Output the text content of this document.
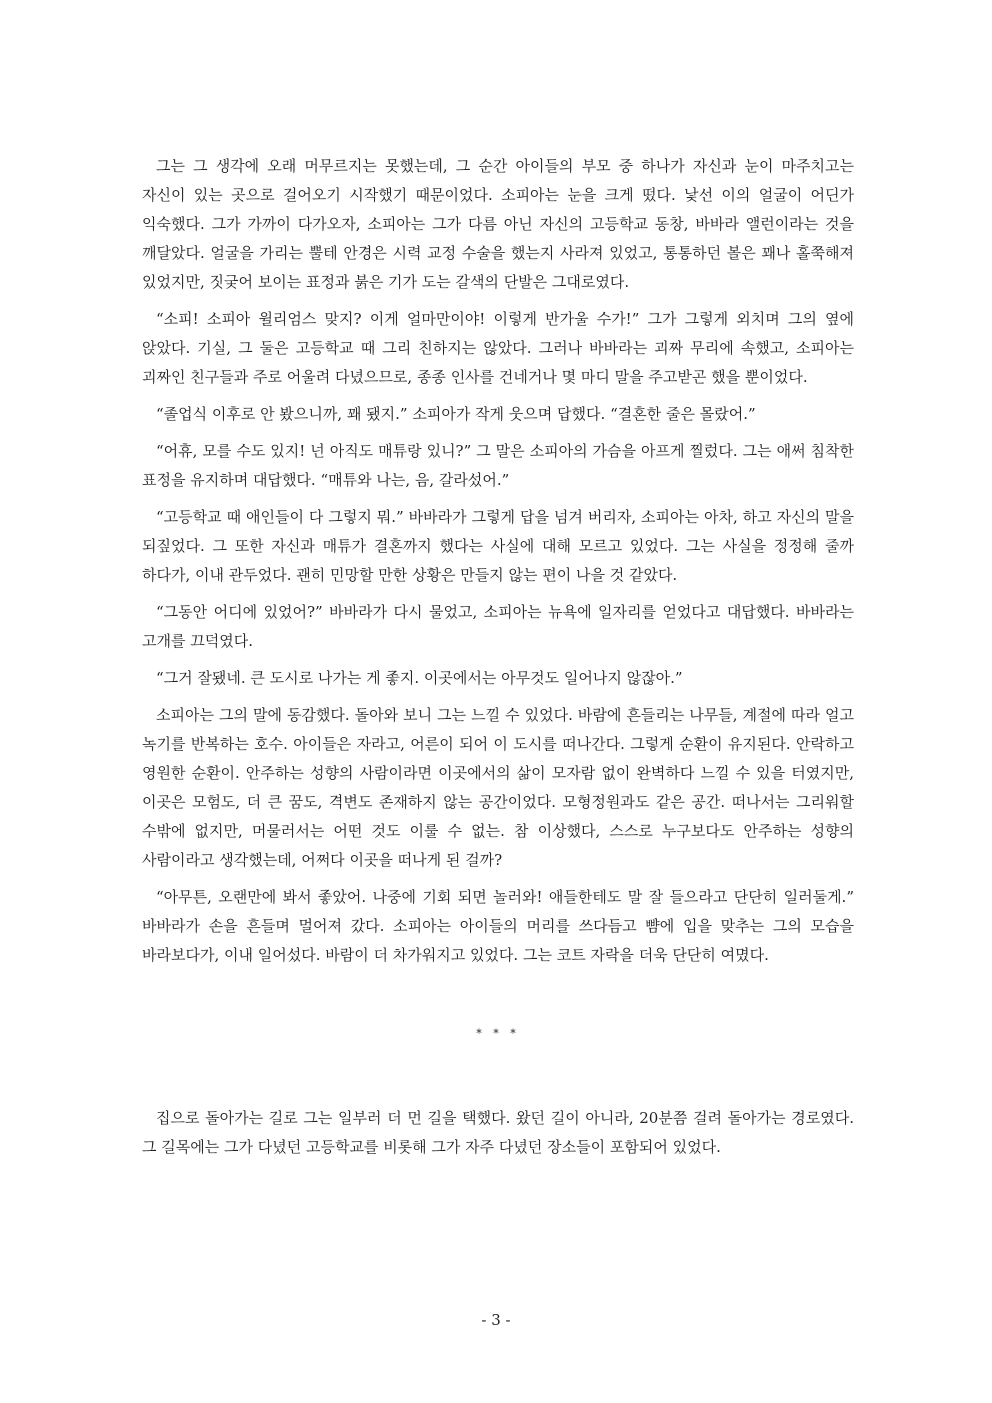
그는 그 생각에 오래 머무르지는 못했는데, 그 순간 아이들의 부모 중 하나가 자신과 눈이 마주치고는 자신이 있는 곳으로 걸어오기 시작했기 때문이었다. 소피아는 눈을 크게 떴다. 낯선 이의 얼굴이 어딘가 익숙했다. 그가 가까이 다가오자, 소피아는 그가 다름 아닌 자신의 고등학교 동창, 바바라 앨런이라는 것을 깨달았다. 얼굴을 가리는 뿔테 안경은 시력 교정 수술을 했는지 사라져 있었고, 통통하던 볼은 꽤나 홀쭉해져 있었지만, 짓궂어 보이는 표정과 붉은 기가 도는 갈색의 단발은 그대로였다.

“소피! 소피아 윌리엄스 맞지? 이게 얼마만이야! 이렇게 반가울 수가!” 그가 그렇게 외치며 그의 옆에 앉았다. 기실, 그 둘은 고등학교 때 그리 친하지는 않았다. 그러나 바바라는 괴짜 무리에 속했고, 소피아는 괴짜인 친구들과 주로 어울려 다녔으므로, 종종 인사를 건네거나 몇 마디 말을 주고받곤 했을 뿐이었다.

“졸업식 이후로 안 봤으니까, 꽤 됐지.” 소피아가 작게 웃으며 답했다. “결혼한 줄은 몰랐어.”

“어휴, 모를 수도 있지! 넌 아직도 매튜랑 있니?” 그 말은 소피아의 가슴을 아프게 찔렀다. 그는 애써 침착한 표정을 유지하며 대답했다. “매튜와 나는, 음, 갈라섰어.”

“고등학교 때 애인들이 다 그렇지 뭐.” 바바라가 그렇게 답을 넘겨 버리자, 소피아는 아차, 하고 자신의 말을 되짚었다. 그 또한 자신과 매튜가 결혼까지 했다는 사실에 대해 모르고 있었다. 그는 사실을 정정해 줄까 하다가, 이내 관두었다. 괜히 민망할 만한 상황은 만들지 않는 편이 나을 것 같았다.

“그동안 어디에 있었어?” 바바라가 다시 물었고, 소피아는 뉴욕에 일자리를 얻었다고 대답했다. 바바라는 고개를 끄덕였다.

“그거 잘됐네. 큰 도시로 나가는 게 좋지. 이곳에서는 아무것도 일어나지 않잖아.”

소피아는 그의 말에 동감했다. 돌아와 보니 그는 느낄 수 있었다. 바람에 흔들리는 나무들, 계절에 따라 얼고 녹기를 반복하는 호수. 아이들은 자라고, 어른이 되어 이 도시를 떠나간다. 그렇게 순환이 유지된다. 안락하고 영원한 순환이. 안주하는 성향의 사람이라면 이곳에서의 삶이 모자람 없이 완벽하다 느낄 수 있을 터였지만, 이곳은 모험도, 더 큰 꿈도, 격변도 존재하지 않는 공간이었다. 모형정원과도 같은 공간. 떠나서는 그리워할 수밖에 없지만, 머물러서는 어떤 것도 이룰 수 없는. 참 이상했다, 스스로 누구보다도 안주하는 성향의 사람이라고 생각했는데, 어쩌다 이곳을 떠나게 된 걸까?

“아무튼, 오랜만에 봐서 좋았어. 나중에 기회 되면 놀러와! 애들한테도 말 잘 들으라고 단단히 일러둘게.” 바바라가 손을 흔들며 멀어져 갔다. 소피아는 아이들의 머리를 쓰다듬고 뺨에 입을 맞추는 그의 모습을 바라보다가, 이내 일어섰다. 바람이 더 차가워지고 있었다. 그는 코트 자락을 더욱 단단히 여몄다.

* * *

집으로 돌아가는 길로 그는 일부러 더 먼 길을 택했다. 왔던 길이 아니라, 20분쯤 걸려 돌아가는 경로였다. 그 길목에는 그가 다녔던 고등학교를 비롯해 그가 자주 다녔던 장소들이 포함되어 있었다.

- 3 -
